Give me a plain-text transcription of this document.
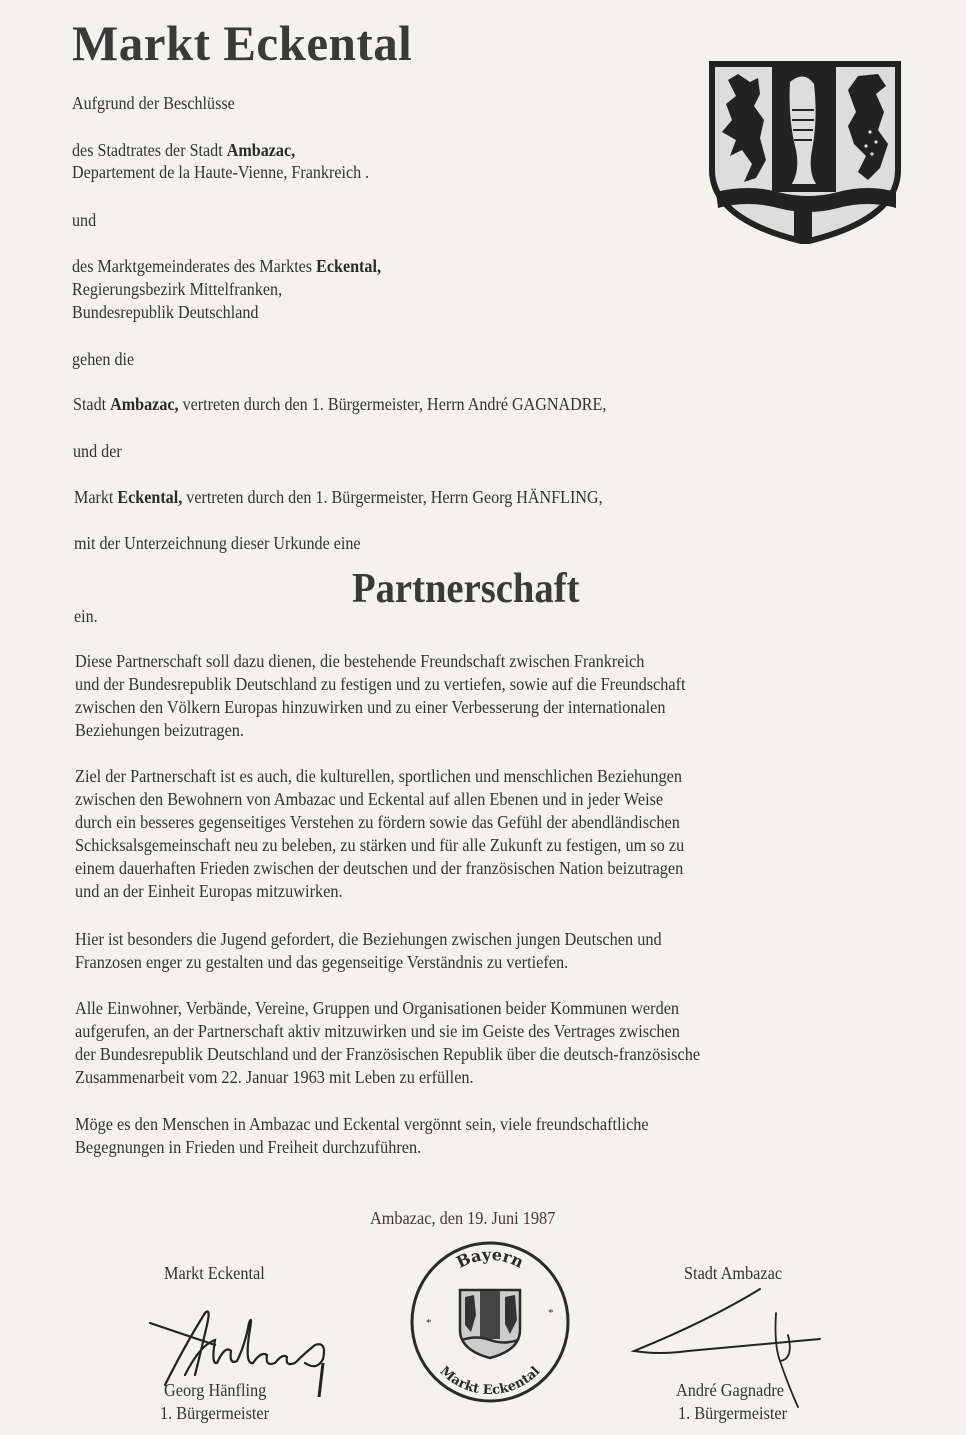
Markt Eckental
Aufgrund der Beschlüsse
des Stadtrates der Stadt Ambazac,
Departement de la Haute-Vienne, Frankreich .
und
des Marktgemeinderates des Marktes Eckental,
Regierungsbezirk Mittelfranken,
Bundesrepublik Deutschland
gehen die
Stadt Ambazac, vertreten durch den 1. Bürgermeister, Herrn André GAGNADRE,
und der
Markt Eckental, vertreten durch den 1. Bürgermeister, Herrn Georg HÄNFLING,
mit der Unterzeichnung dieser Urkunde eine
Partnerschaft
ein.
Diese Partnerschaft soll dazu dienen, die bestehende Freundschaft zwischen Frankreich
und der Bundesrepublik Deutschland zu festigen und zu vertiefen, sowie auf die Freundschaft
zwischen den Völkern Europas hinzuwirken und zu einer Verbesserung der internationalen
Beziehungen beizutragen.
Ziel der Partnerschaft ist es auch, die kulturellen, sportlichen und menschlichen Beziehungen
zwischen den Bewohnern von Ambazac und Eckental auf allen Ebenen und in jeder Weise
durch ein besseres gegenseitiges Verstehen zu fördern sowie das Gefühl der abendländischen
Schicksalsgemeinschaft neu zu beleben, zu stärken und für alle Zukunft zu festigen, um so zu
einem dauerhaften Frieden zwischen der deutschen und der französischen Nation beizutragen
und an der Einheit Europas mitzuwirken.
Hier ist besonders die Jugend gefordert, die Beziehungen zwischen jungen Deutschen und
Franzosen enger zu gestalten und das gegenseitige Verständnis zu vertiefen.
Alle Einwohner, Verbände, Vereine, Gruppen und Organisationen beider Kommunen werden
aufgerufen, an der Partnerschaft aktiv mitzuwirken und sie im Geiste des Vertrages zwischen
der Bundesrepublik Deutschland und der Französischen Republik über die deutsch-französische
Zusammenarbeit vom 22. Januar 1963 mit Leben zu erfüllen.
Möge es den Menschen in Ambazac und Eckental vergönnt sein, viele freundschaftliche
Begegnungen in Frieden und Freiheit durchzuführen.
Ambazac, den 19. Juni 1987
Markt Eckental
Georg Hänfling
1. Bürgermeister
*
*
Bayern
Markt Eckental
Stadt Ambazac
André Gagnadre
1. Bürgermeister
